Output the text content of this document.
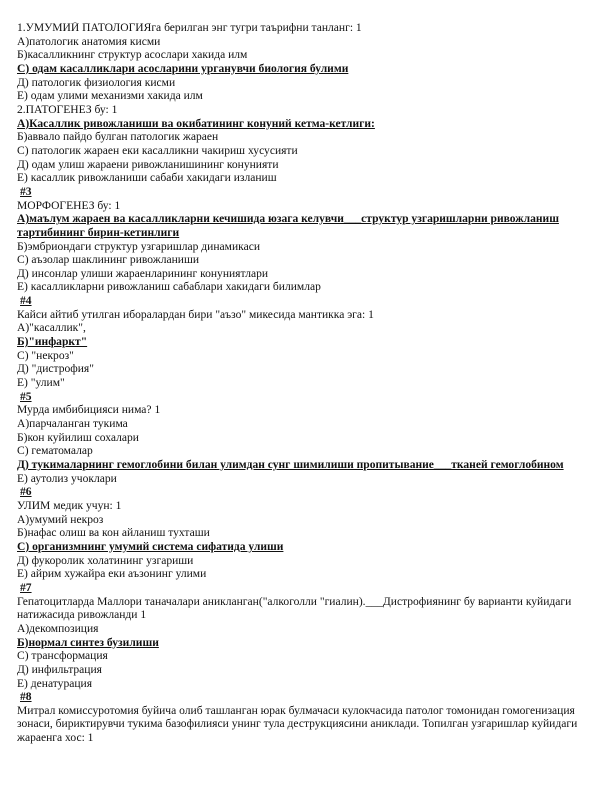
1.УМУМИЙ ПАТОЛОГИЯга берилган энг тугри таърифни танланг: 1
А)патологик анатомия кисми
Б)касалликнинг структур асослари хакида илм
С) одам касалликлари асосларини урганувчи биология булими
Д) патологик физиология кисми
Е) одам улими механизми хакида илм
2.ПАТОГЕНЕЗ бу: 1
А)Касаллик ривожланиши ва окибатининг конуний кетма-кетлиги:
Б)аввало пайдо булган патологик жараен
С) патологик жараен еки касалликни чакириш хусусияти
Д) одам улиш жараени ривожланишининг конунияти
Е) касаллик ривожланиши сабаби хакидаги изланиш
#3
МОРФОГЕНЕЗ бу: 1
А)маълум жараен ва касалликларни кечишида юзага келувчи___структур узгаришларни ривожланиш тартибининг бирин-кетинлиги
Б)эмбриондаги структур узгаришлар динамикаси
С) аъзолар шаклининг ривожланиши
Д) инсонлар улиши жараенларининг конуниятлари
Е) касалликларни ривожланиш сабаблари хакидаги билимлар
#4
Кайси айтиб утилган иборалардан бири "аъзо" микесида мантикка эга: 1
А)"касаллик",
Б)"инфаркт"
С) "некроз"
Д) "дистрофия"
Е) "улим"
#5
Мурда имбибицияси нима? 1
А)парчаланган тукима
Б)кон куйилиш сохалари
С) гематомалар
Д) тукималарнинг гемоглобини билан улимдан сунг шимилиши пропитывание___тканей гемоглобином
Е) аутолиз учоклари
#6
УЛИМ медик учун: 1
А)умумий некроз
Б)нафас олиш ва кон айланиш тухташи
С) организмнинг умумий система сифатида улиши
Д) фукоролик холатининг узгариши
Е) айрим хужайра еки аъзонинг улими
#7
Гепатоцитларда Маллори таначалари аникланган("алкоголли "гиалин).___Дистрофиянинг бу варианти куйидаги натижасида ривожланди 1
А)декомпозиция
Б)нормал синтез бузилиши
С) трансформация
Д) инфильтрация
Е) денатурация
#8
Митрал комиссуротомия буйича олиб ташланган юрак булмачаси кулокчасида патолог томонидан гомогенизация зонаси, бириктирувчи тукима базофилияси унинг тула деструкциясини аниклади. Топилган узгаришлар куйидаги жараенга хос: 1
